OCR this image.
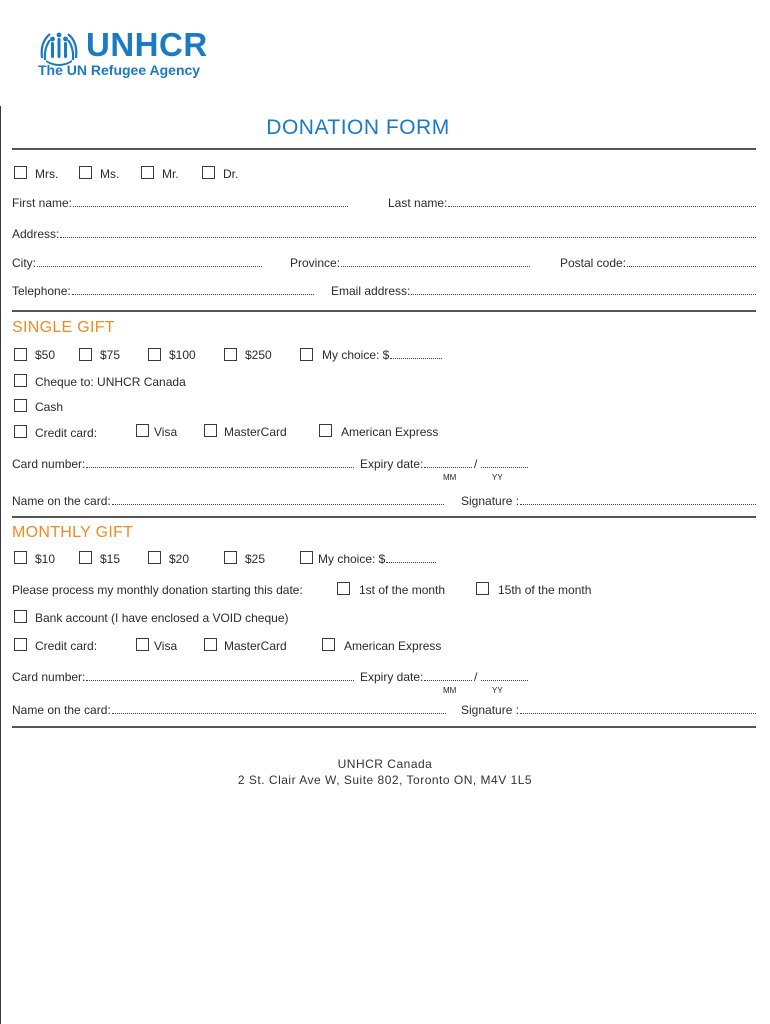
UNHCR
The UN Refugee Agency
DONATION FORM
Mrs.	Ms.	Mr.	Dr.
First name:	Last name:
Address:
City:	Province:	Postal code:
Telephone:	Email address:
SINGLE GIFT
$50	$75	$100	$250	My choice: $
Cheque to: UNHCR Canada
Cash
Credit card:	Visa	MasterCard	American Express
Card number:	Expiry date:	/
MM	YY
Name on the card:	Signature :
MONTHLY GIFT
$10	$15	$20	$25	My choice: $
Please process my monthly donation starting this date:	1st of the month	15th of the month
Bank account (I have enclosed a VOID cheque)
Credit card:	Visa	MasterCard	American Express
Card number:	Expiry date:	/
MM	YY
Name on the card:	Signature :
UNHCR Canada
2 St. Clair Ave W, Suite 802, Toronto ON, M4V 1L5
